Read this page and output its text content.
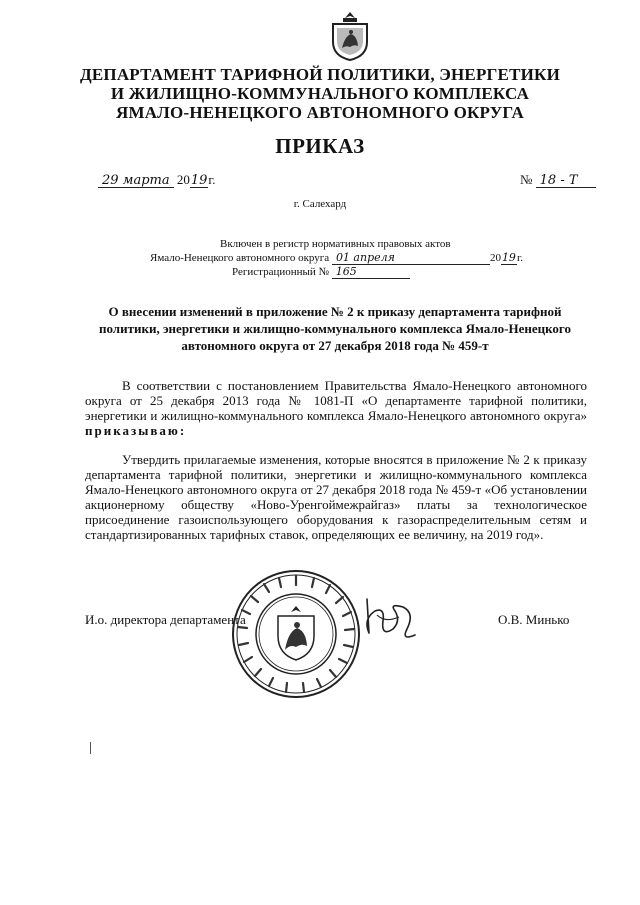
ДЕПАРТАМЕНТ ТАРИФНОЙ ПОЛИТИКИ, ЭНЕРГЕТИКИ
И ЖИЛИЩНО-КОММУНАЛЬНОГО КОМПЛЕКСА
ЯМАЛО-НЕНЕЦКОГО АВТОНОМНОГО ОКРУГА
ПРИКАЗ
29 марта 2019г.	№ 18 - Т
г. Салехард
Включен в регистр нормативных правовых актов
Ямало-Ненецкого автономного округа 01 апреля	2019г.
Регистрационный № 165
О внесении изменений в приложение № 2 к приказу департамента тарифной политики, энергетики и жилищно-коммунального комплекса Ямало-Ненецкого автономного округа от 27 декабря 2018 года № 459-т
В соответствии с постановлением Правительства Ямало-Ненецкого автономного округа от 25 декабря 2013 года № 1081-П «О департаменте тарифной политики, энергетики и жилищно-коммунального комплекса Ямало-Ненецкого автономного округа» приказываю:
Утвердить прилагаемые изменения, которые вносятся в приложение № 2 к приказу департамента тарифной политики, энергетики и жилищно-коммунального комплекса Ямало-Ненецкого автономного округа от 27 декабря 2018 года № 459-т «Об установлении акционерному обществу «Ново-Уренгоймежрайгаз» платы за технологическое присоединение газоиспользующего оборудования к газораспределительным сетям и стандартизированных тарифных ставок, определяющих ее величину, на 2019 год».
И.о. директора департамента	О.В. Минько
